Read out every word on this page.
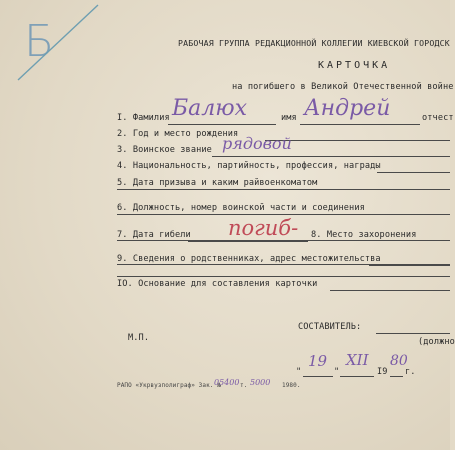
Б	РАБОЧАЯ ГРУППА РЕДАКЦИОННОЙ КОЛЛЕГИИ КИЕВСКОЙ ГОРОДСК
КАРТОЧКА
на погибшего в Великой Отечественной войне
I. Фамилия Балюх	имя Андрей	отчест
2. Год и место рождения
3. Воинское звание рядовой
4. Национальность, партийность, профессия, награды
5. Дата призыва и каким райвоенкоматом
6. Должность, номер воинской части и соединения
7. Дата гибели погиб- 8. Место захоронения
9. Сведения о родственниках, адрес местожительства
IO. Основание для составления карточки
СОСТАВИТЕЛЬ:
М.П.	(должно
"
19
"
XII
I9
80
г.
РАПО «Укрвузполиграф» Зак. №
05400 т. 5000 1980.
